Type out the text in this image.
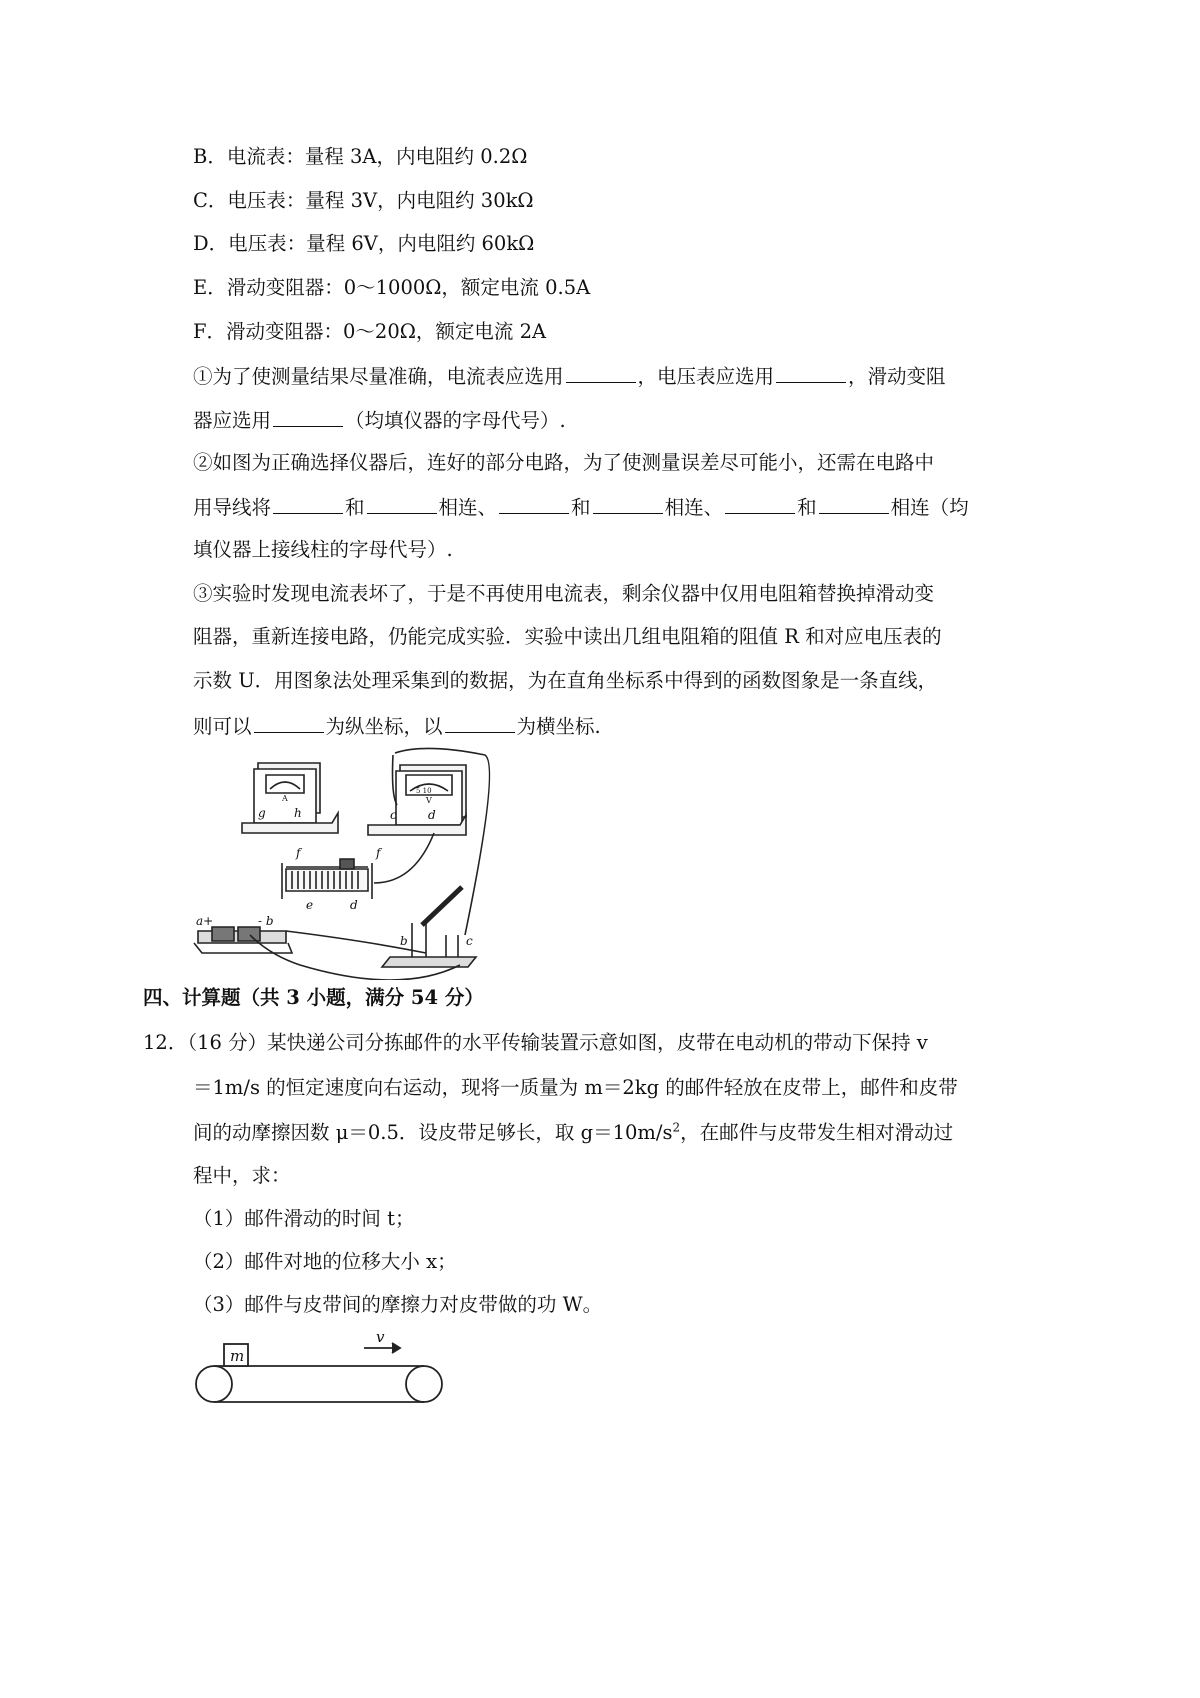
B．电流表：量程 3A，内电阻约 0.2Ω
C．电压表：量程 3V，内电阻约 30kΩ
D．电压表：量程 6V，内电阻约 60kΩ
E．滑动变阻器：0～1000Ω，额定电流 0.5A
F．滑动变阻器：0～20Ω，额定电流 2A
①为了使测量结果尽量准确，电流表应选用	，电压表应选用	，滑动变阻
器应选用	（均填仪器的字母代号）.
②如图为正确选择仪器后，连好的部分电路，为了使测量误差尽可能小，还需在电路中
用导线将	和	相连、	和	相连、	和	相连（均
填仪器上接线柱的字母代号）.
③实验时发现电流表坏了，于是不再使用电流表，剩余仪器中仅用电阻箱替换掉滑动变
阻器，重新连接电路，仍能完成实验．实验中读出几组电阻箱的阻值 R 和对应电压表的
示数 U．用图象法处理采集到的数据，为在直角坐标系中得到的函数图象是一条直线，
则可以	为纵坐标，以	为横坐标.
g h	c	d
f	f
e	d
a+	- b
b	c
A	V
5 10
四、计算题（共 3 小题，满分 54 分）
12．（16 分）某快递公司分拣邮件的水平传输装置示意如图，皮带在电动机的带动下保持 v
＝1m/s 的恒定速度向右运动，现将一质量为 m＝2kg 的邮件轻放在皮带上，邮件和皮带
间的动摩擦因数 μ＝0.5．设皮带足够长，取 $g=10m/s^2$，在邮件与皮带发生相对滑动过
程中，求：
（1）邮件滑动的时间 t；
（2）邮件对地的位移大小 x；
（3）邮件与皮带间的摩擦力对皮带做的功 W。
m
v
